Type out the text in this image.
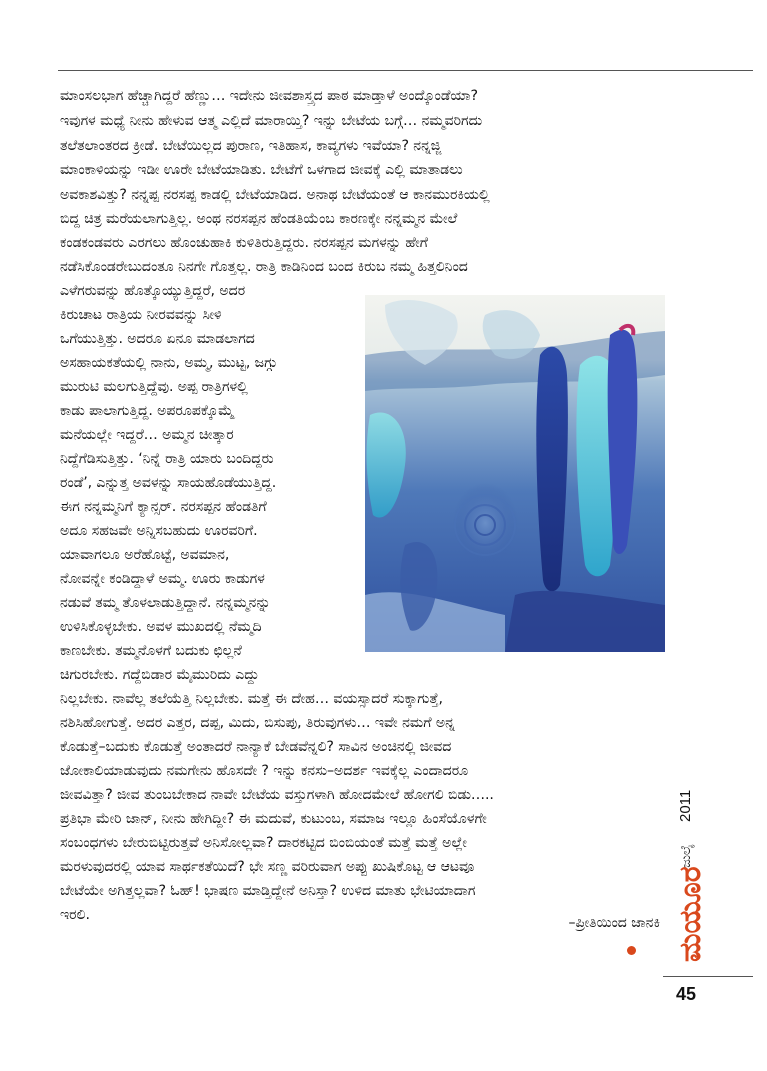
ಮಾಂಸಲಭಾಗ ಹೆಚ್ಚಾಗಿದ್ದರೆ ಹೆಣ್ಣು… ಇದೇನು ಜೀವಶಾಸ್ತ್ರದ ಪಾಠ ಮಾಡ್ತಾಳೆ ಅಂದ್ಕೊಂಡೆಯಾ?
ಇವುಗಳ ಮಧ್ಯೆ ನೀನು ಹೇಳುವ ಆತ್ಮ ಎಲ್ಲಿದೆ ಮಾರಾಯ್ತಿ? ಇನ್ನು ಬೇಟೆಯ ಬಗ್ಗೆ… ನಮ್ಮವರಿಗದು
ತಲೆತಲಾಂತರದ ಕ್ರೀಡೆ. ಬೇಟೆಯಿಲ್ಲದ ಪುರಾಣ, ಇತಿಹಾಸ, ಕಾವ್ಯಗಳು ಇವೆಯಾ? ನನ್ನಜ್ಜಿ
ಮಾಂಕಾಳಿಯನ್ನು ಇಡೀ ಊರೇ ಬೇಟೆಯಾಡಿತು. ಬೇಟೆಗೆ ಒಳಗಾದ ಜೀವಕ್ಕೆ ಎಲ್ಲಿ ಮಾತಾಡಲು
ಅವಕಾಶವಿತ್ತು? ನನ್ನಪ್ಪ ನರಸಪ್ಪ ಕಾಡಲ್ಲಿ ಬೇಟೆಯಾಡಿದ. ಅನಾಥ ಬೇಟೆಯಂತೆ ಆ ಕಾನಮುರಕಿಯಲ್ಲಿ
ಬಿದ್ದ ಚಿತ್ರ ಮರೆಯಲಾಗುತ್ತಿಲ್ಲ. ಅಂಥ ನರಸಪ್ಪನ ಹೆಂಡತಿಯೆಂಬ ಕಾರಣಕ್ಕೇ ನನ್ನಮ್ಮನ ಮೇಲೆ
ಕಂಡಕಂಡವರು ಎರಗಲು ಹೊಂಚುಹಾಕಿ ಕುಳಿತಿರುತ್ತಿದ್ದರು. ನರಸಪ್ಪನ ಮಗಳನ್ನು ಹೇಗೆ
ನಡೆಸಿಕೊಂಡರೇಬುದಂತೂ ನಿನಗೇ ಗೊತ್ತಲ್ಲ. ರಾತ್ರಿ ಕಾಡಿನಿಂದ ಬಂದ ಕಿರುಬ ನಮ್ಮ ಹಿತ್ತಲಿನಿಂದ
ಎಳೆಗರುವನ್ನು ಹೊತ್ಕೊಯ್ಯುತ್ತಿದ್ದರೆ, ಅದರ
ಕಿರುಚಾಟ ರಾತ್ರಿಯ ನೀರವವನ್ನು ಸೀಳಿ
ಒಗೆಯುತ್ತಿತ್ತು. ಅದರೂ ಏನೂ ಮಾಡಲಾಗದ
ಅಸಹಾಯಕತೆಯಲ್ಲಿ ನಾನು, ಅಮ್ಮ, ಮುಟ್ಟ, ಜಗ್ಗು
ಮುರುಟಿ ಮಲಗುತ್ತಿದ್ದೆವು. ಅಪ್ಪ ರಾತ್ರಿಗಳಲ್ಲಿ
ಕಾಡು ಪಾಲಾಗುತ್ತಿದ್ದ. ಅಪರೂಪಕ್ಕೊಮ್ಮೆ
ಮನೆಯಲ್ಲೇ ಇದ್ದರೆ… ಅಮ್ಮನ ಚೀತ್ಕಾರ
ನಿದ್ದೆಗೆಡಿಸುತ್ತಿತ್ತು. ‘ನಿನ್ನೆ ರಾತ್ರಿ ಯಾರು ಬಂದಿದ್ದರು
ರಂಡೆ’, ಎನ್ನುತ್ತ ಅವಳನ್ನು ಸಾಯಹೊಡೆಯುತ್ತಿದ್ದ.
ಈಗ ನನ್ನಮ್ಮನಿಗೆ ಕ್ಯಾನ್ಸರ್. ನರಸಪ್ಪನ ಹೆಂಡತಿಗೆ
ಅದೂ ಸಹಜವೇ ಅನ್ನಿಸಬಹುದು ಊರವರಿಗೆ.
ಯಾವಾಗಲೂ ಅರೆಹೊಟ್ಟೆ, ಅವಮಾನ,
ನೋವನ್ನೇ ಕಂಡಿದ್ದಾಳೆ ಅಮ್ಮ. ಊರು ಕಾಡುಗಳ
ನಡುವೆ ತಮ್ಮ ತೊಳಲಾಡುತ್ತಿದ್ದಾನೆ. ನನ್ನಮ್ಮನನ್ನು
ಉಳಿಸಿಕೊಳ್ಳಬೇಕು. ಅವಳ ಮುಖದಲ್ಲಿ ನೆಮ್ಮದಿ
ಕಾಣಬೇಕು. ತಮ್ಮನೊಳಗೆ ಬದುಕು ಛಿಲ್ಲನೆ
ಚಿಗುರಬೇಕು. ಗದ್ದೆಬಿಡಾರ ಮೈಮುರಿದು ಎದ್ದು
ನಿಲ್ಲಬೇಕು. ನಾವೆಲ್ಲ ತಲೆಯೆತ್ತಿ ನಿಲ್ಲಬೇಕು. ಮತ್ತೆ ಈ ದೇಹ… ವಯಸ್ಸಾದರೆ ಸುಕ್ಕಾಗುತ್ತೆ,
ನಶಿಸಿಹೋಗುತ್ತೆ. ಅದರ ಎತ್ತರ, ದಪ್ಪ, ಮಿದು, ಬಿಸುಪು, ತಿರುವುಗಳು… ಇವೇ ನಮಗೆ ಅನ್ನ
ಕೊಡುತ್ತೆ–ಬದುಕು ಕೊಡುತ್ತೆ ಅಂತಾದರೆ ನಾನ್ಯಾಕೆ ಬೇಡವೆನ್ನಲಿ? ಸಾವಿನ ಅಂಚಿನಲ್ಲಿ ಜೀವದ
ಜೋಕಾಲಿಯಾಡುವುದು ನಮಗೇನು ಹೊಸದೇ ? ಇನ್ನು ಕನಸು–ಅದರ್ಶ ಇವಕ್ಕೆಲ್ಲ ಎಂದಾದರೂ
ಜೀವವಿತ್ತಾ? ಜೀವ ತುಂಬಬೇಕಾದ ನಾವೇ ಬೇಟೆಯ ವಸ್ತುಗಳಾಗಿ ಹೋದಮೇಲೆ ಹೋಗಲಿ ಬಿಡು…..
ಪ್ರತಿಭಾ ಮೇರಿ ಜಾನ್, ನೀನು ಹೇಗಿದ್ದೀ? ಈ ಮದುವೆ, ಕುಟುಂಬ, ಸಮಾಜ ಇಲ್ಲೂ ಹಿಂಸೆಯೊಳಗೇ
ಸಂಬಂಧಗಳು ಬೇರುಬಿಟ್ಟಿರುತ್ತವೆ ಅನಿಸೋಲ್ಲವಾ? ದಾರಕಟ್ಟಿದ ಬಿಂಬಿಯಂತೆ ಮತ್ತೆ ಮತ್ತೆ ಅಲ್ಲೇ
ಮರಳುವುದರಲ್ಲಿ ಯಾವ ಸಾರ್ಥಕತೆಯಿದೆ? ಭೇ ಸಣ್ಣ ವರಿರುವಾಗ ಅಪ್ಪು ಖುಷಿಕೊಟ್ಟ ಆ ಆಟವೂ
ಬೇಟೆಯೇ ಅಗಿತ್ತಲ್ಲವಾ? ಓಹ್! ಭಾಷಣ ಮಾಡ್ತಿದ್ದೇನೆ ಅನಿಸ್ತಾ? ಉಳಿದ ಮಾತು ಭೇಟಿಯಾದಾಗ
ಇರಲಿ.	–ಪ್ರೀತಿಯಿಂದ ಜಾನಕಿ
2011
ಜುಲೈ
ಮಯೂರ
45
